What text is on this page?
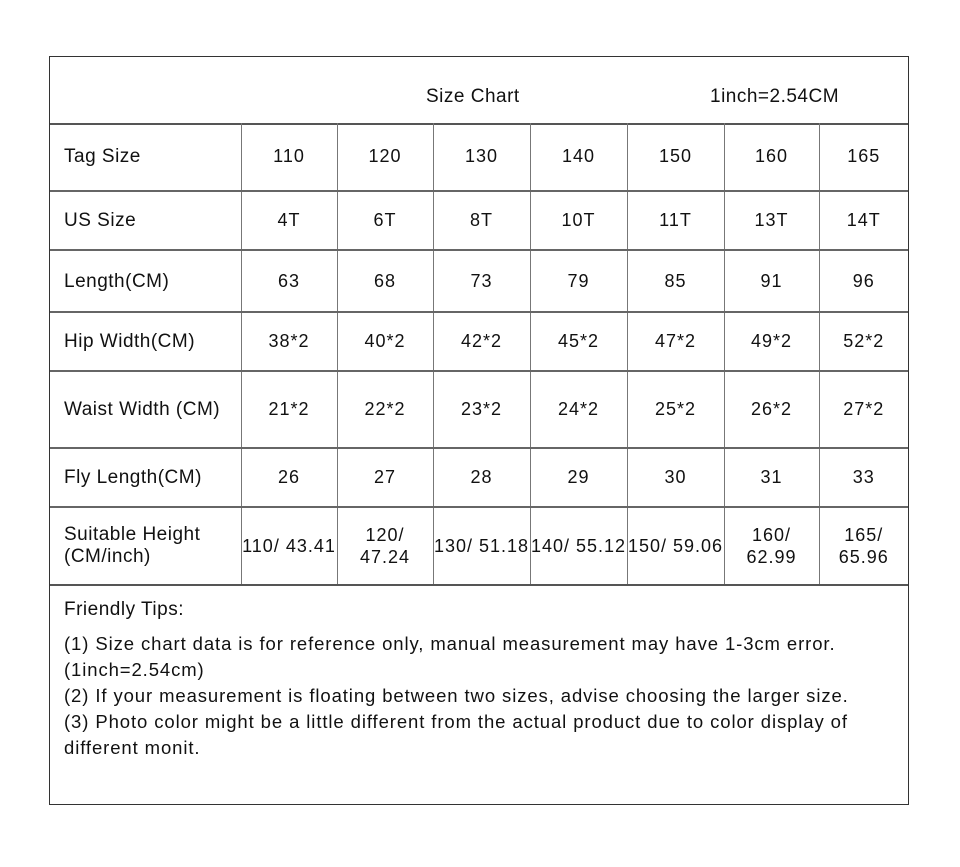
Size Chart	1inch=2.54CM
Tag Size	110	120	130	140	150	160	165
US Size	4T	6T	8T	10T	11T	13T	14T
Length(CM)	63	68	73	79	85	91	96
Hip Width(CM)	38*2	40*2	42*2	45*2	47*2	49*2	52*2
Waist Width (CM)	21*2	22*2	23*2	24*2	25*2	26*2	27*2
Fly Length(CM)	26	27	28	29	30	31	33
Suitable Height (CM/inch)	110/ 43.41	120/ 47.24	130/ 51.18	140/ 55.12	150/ 59.06	160/ 62.99	165/ 65.96

Friendly Tips:

(1) Size chart data is for reference only, manual measurement may have 1-3cm error. (1inch=2.54cm)

(2) If your measurement is floating between two sizes, advise choosing the larger size.

(3) Photo color might be a little different from the actual product due to color display of different monit.
